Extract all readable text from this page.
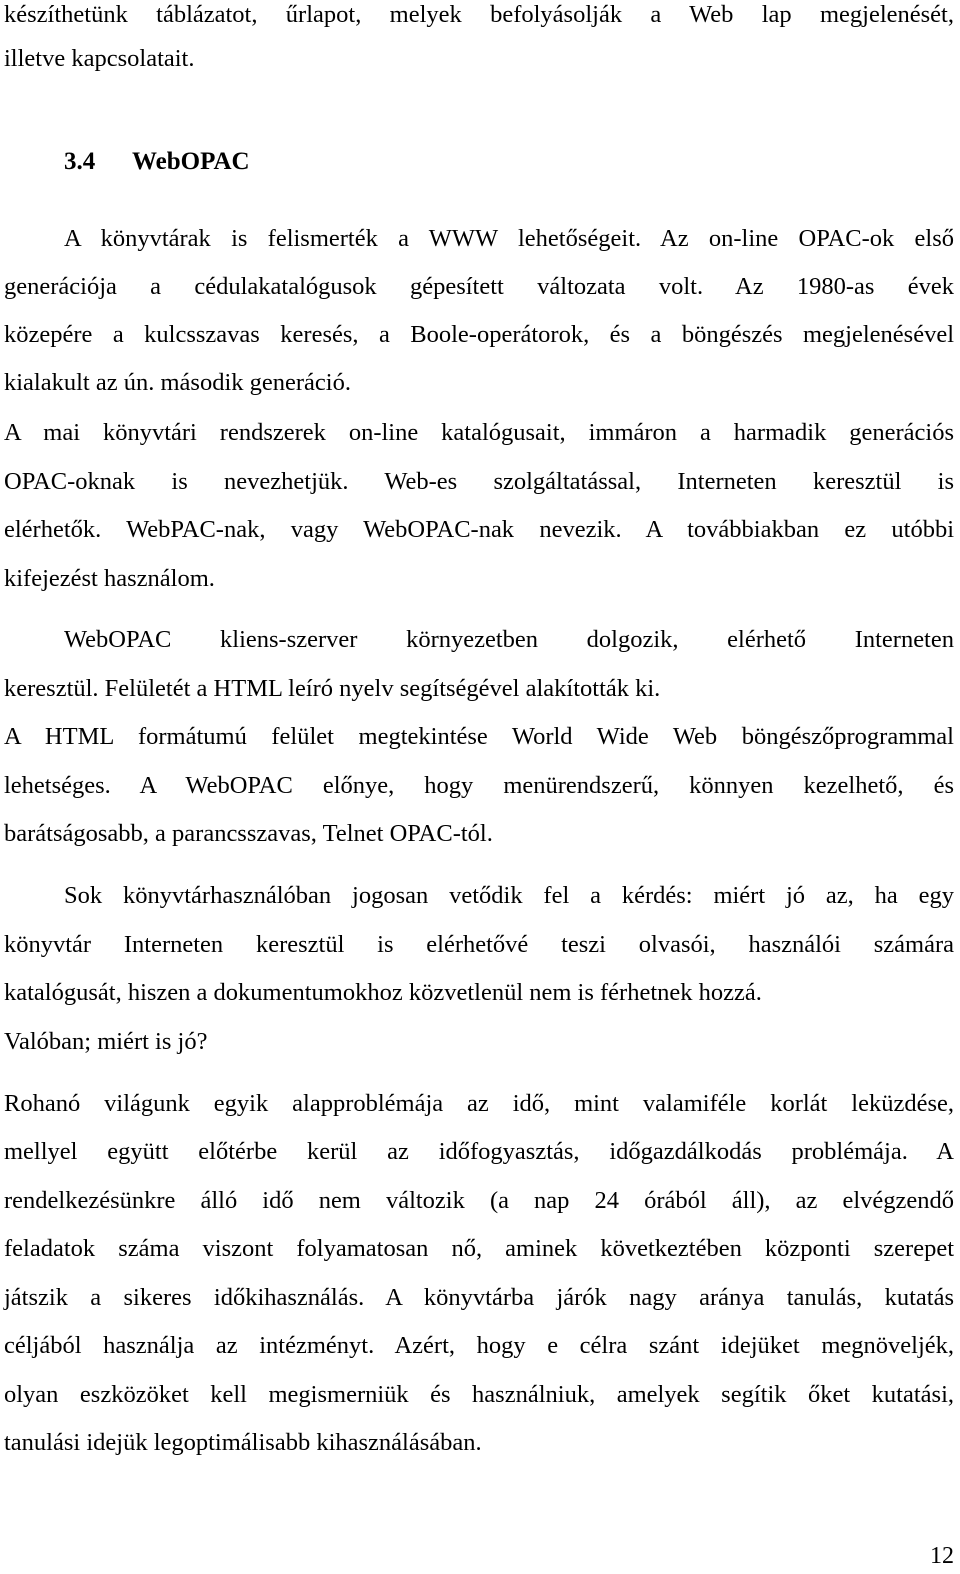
készíthetünk táblázatot, űrlapot, melyek befolyásolják a Web lap megjelenését,
illetve kapcsolatait.
3.4 WebOPAC
A könyvtárak is felismerték a WWW lehetőségeit. Az on-line OPAC-ok első
generációja a cédulakatalógusok gépesített változata volt. Az 1980-as évek
közepére a kulcsszavas keresés, a Boole-operátorok, és a böngészés megjelenésével
kialakult az ún. második generáció.
A mai könyvtári rendszerek on-line katalógusait, immáron a harmadik generációs
OPAC-oknak is nevezhetjük. Web-es szolgáltatással, Interneten keresztül is
elérhetők. WebPAC-nak, vagy WebOPAC-nak nevezik. A továbbiakban ez utóbbi
kifejezést használom.
WebOPAC kliens-szerver környezetben dolgozik, elérhető Interneten
keresztül. Felületét a HTML leíró nyelv segítségével alakították ki.
A HTML formátumú felület megtekintése World Wide Web böngészőprogrammal
lehetséges. A WebOPAC előnye, hogy menürendszerű, könnyen kezelhető, és
barátságosabb, a parancsszavas, Telnet OPAC-tól.
Sok könyvtárhasználóban jogosan vetődik fel a kérdés: miért jó az, ha egy
könyvtár Interneten keresztül is elérhetővé teszi olvasói, használói számára
katalógusát, hiszen a dokumentumokhoz közvetlenül nem is férhetnek hozzá.
Valóban; miért is jó?
Rohanó világunk egyik alapproblémája az idő, mint valamiféle korlát leküzdése,
mellyel együtt előtérbe kerül az időfogyasztás, időgazdálkodás problémája. A
rendelkezésünkre álló idő nem változik (a nap 24 órából áll), az elvégzendő
feladatok száma viszont folyamatosan nő, aminek következtében központi szerepet
játszik a sikeres időkihasználás. A könyvtárba járók nagy aránya tanulás, kutatás
céljából használja az intézményt. Azért, hogy e célra szánt idejüket megnöveljék,
olyan eszközöket kell megismerniük és használniuk, amelyek segítik őket kutatási,
tanulási idejük legoptimálisabb kihasználásában.
12
